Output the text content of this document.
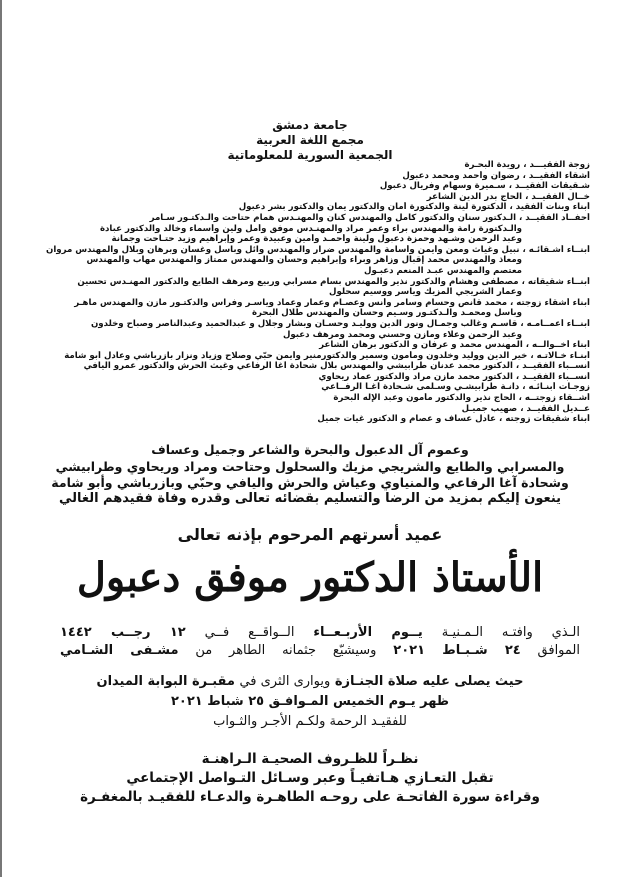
جامعة دمشق
مجمع اللغة العربية
الجمعية السورية للمعلوماتية
زوجة الفقيـــد ، رويدة البحـرة
أشقاء الفقيــد ، رضوان وأحمد ومحمد دعبول
شـقيقات الفقيــد ، سـميرة وسهام وفريال دعبول
خــال الفقيــد ، الحاج بدر الدين الشاعر
أبناء وبنات الفقيد ، الدكتورة لينة والدكتورة أمان والدكتور يمان والدكتور بشر دعبول
أحفــاد الفقيــد ، الـدكتور سنان والدكتور كامل والمهندس كنان والمهنـدس همام حتاحت والـدكتـور سـامر
والـدكتورة رامة والمهندس براء وعمر مراد والمهنـدس موفق وأمل ولين وأسماء وخالد والدكتور عبادة
وعبد الرحمن وشـهد وحمزة دعبول ولينة وأحمـد وأمين وعبيدة وعمر وإبراهيم وزيد حتـاحت وجمانة
أبنــاء أشـقائـه ، نبيل وغياث ومعن وأيمن وأسامة والمهندس ضرار والمهندس وائل وباسل وغسان وبرهان وبلال والمهندس مروان
ومعاذ والمهندس محمد إقبال وزاهر وبراء وإبراهيم وحسان والمهندس ممتاز والمهندس مهاب والمهندس
معتصم والمهندس عبـد المنعم دعبـول
أبنــاء شقيقاته ، مصطفى وهشام والدكتور نذير والمهندس بسام مسرابي وربيع ومرهف الطايع والدكتور المهنـدس تحسين
وعمار الشريجي المزيك وياسر ووسيم سحلول
أبناء أشقاء زوجته ، محمد قانص وحسام وسامر وأنس وعصـام وعمار وعماد وياسـر وفراس والدكتـور مازن والمهندس ماهـر
وباسل ومحمـد والـدكتـور وسـيم وحسان والمهندس طلال البحرة
أبنــاء أعمــامـه ، قاسـم وغالب وجمـال ونور الدين ووليـد وحسـان وبشار وجلال و عبدالحميد وعبدالناصر وصباح وخلدون
وعبد الرحمن وعلاء ومازن وحسني ومحمد ومرهف دعبول
أبناء أخــوالــه ، المهندس محمد و عرفان و الدكتور برهان الشاعر
أبنـاء خـالاتـه ، خير الدين ووليد وخلدون ومأمون وسمير والدكتورمنير وأيمن حبّي وصلاح وزياد ونزار بازرباشي وعادل أبو شامة
أنســباء الفقيــد ، الدكتور محمد عدنان طرابيشي والمهندس بلال شحادة آغا الرفاعي وغيث الحرش والدكتور عمرو اليافي
أنســباء الفقيــد ، الدكتور محمد مازن مراد والدكتور عماد ريحاوي
زوجـات أبنـائـه ، دانـة طرابيشـي وسـلمى شـحادة آغـا الرفــاعي
أشــقاء زوجتــه ، الحاج نذير والدكتور مأمون وعبد الإله البحرة
عــديل الفقيــد ، صهيب جميـل
أبناء شقيقات زوجته ، عادل عساف و عصام و الدكتور غيات جميل
وعموم آل الدعبول والبحرة والشاعر وجميل وعساف
والمسرابي والطايع والشريجي مزيك والسحلول وحتاحت ومراد وريحاوي وطرابيشي
وشحادة آغا الرفاعي والمنياوي وعياش والحرش واليافي وحبّي وبازرباشي وأبو شامة
ينعون إليكم بمزيد من الرضا والتسليم بقضائه تعالى وقدره وفاة فقيدهم الغالي
عميد أسرتهم المرحوم بإذنه تعالى
الأستاذ الدكتور موفق دعبول
الـذي وافتـه الـمـنيـة يــوم الأربـعــاء الــواقــع فــي ١٢ رجــب ١٤٤٢
الموافق ٢٤ شـبـاط ٢٠٢١ وسيشيّع جثمانه الطاهر من مشـفى الشـامي
حيث يصلى عليه صلاة الجنـازة ويوارى الثرى في مقبـرة البوابة الميدان
ظهر يـوم الخميس المـوافـق ٢٥ شباط ٢٠٢١
للفقيـد الرحمة ولكـم الأجـر والثـواب
نظـراً للظـروف الصحيـة الـراهنـة
تقبل التعـازي هـاتفيـاً وعبر وسـائل التـواصل الإجتماعي
وقراءة سورة الفاتحـة على روحـه الطاهـرة والدعـاء للفقيـد بالمغفـرة
